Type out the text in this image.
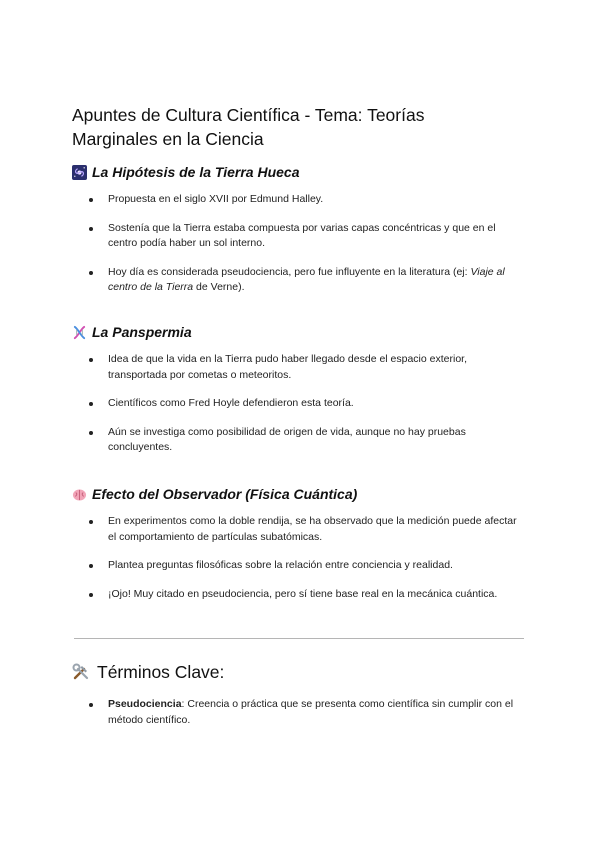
Apuntes de Cultura Científica - Tema: Teorías Marginales en la Ciencia
La Hipótesis de la Tierra Hueca
Propuesta en el siglo XVII por Edmund Halley.
Sostenía que la Tierra estaba compuesta por varias capas concéntricas y que en el centro podía haber un sol interno.
Hoy día es considerada pseudociencia, pero fue influyente en la literatura (ej: Viaje al centro de la Tierra de Verne).
La Panspermia
Idea de que la vida en la Tierra pudo haber llegado desde el espacio exterior, transportada por cometas o meteoritos.
Científicos como Fred Hoyle defendieron esta teoría.
Aún se investiga como posibilidad de origen de vida, aunque no hay pruebas concluyentes.
Efecto del Observador (Física Cuántica)
En experimentos como la doble rendija, se ha observado que la medición puede afectar el comportamiento de partículas subatómicas.
Plantea preguntas filosóficas sobre la relación entre conciencia y realidad.
¡Ojo! Muy citado en pseudociencia, pero sí tiene base real en la mecánica cuántica.
Términos Clave:
Pseudociencia: Creencia o práctica que se presenta como científica sin cumplir con el método científico.
